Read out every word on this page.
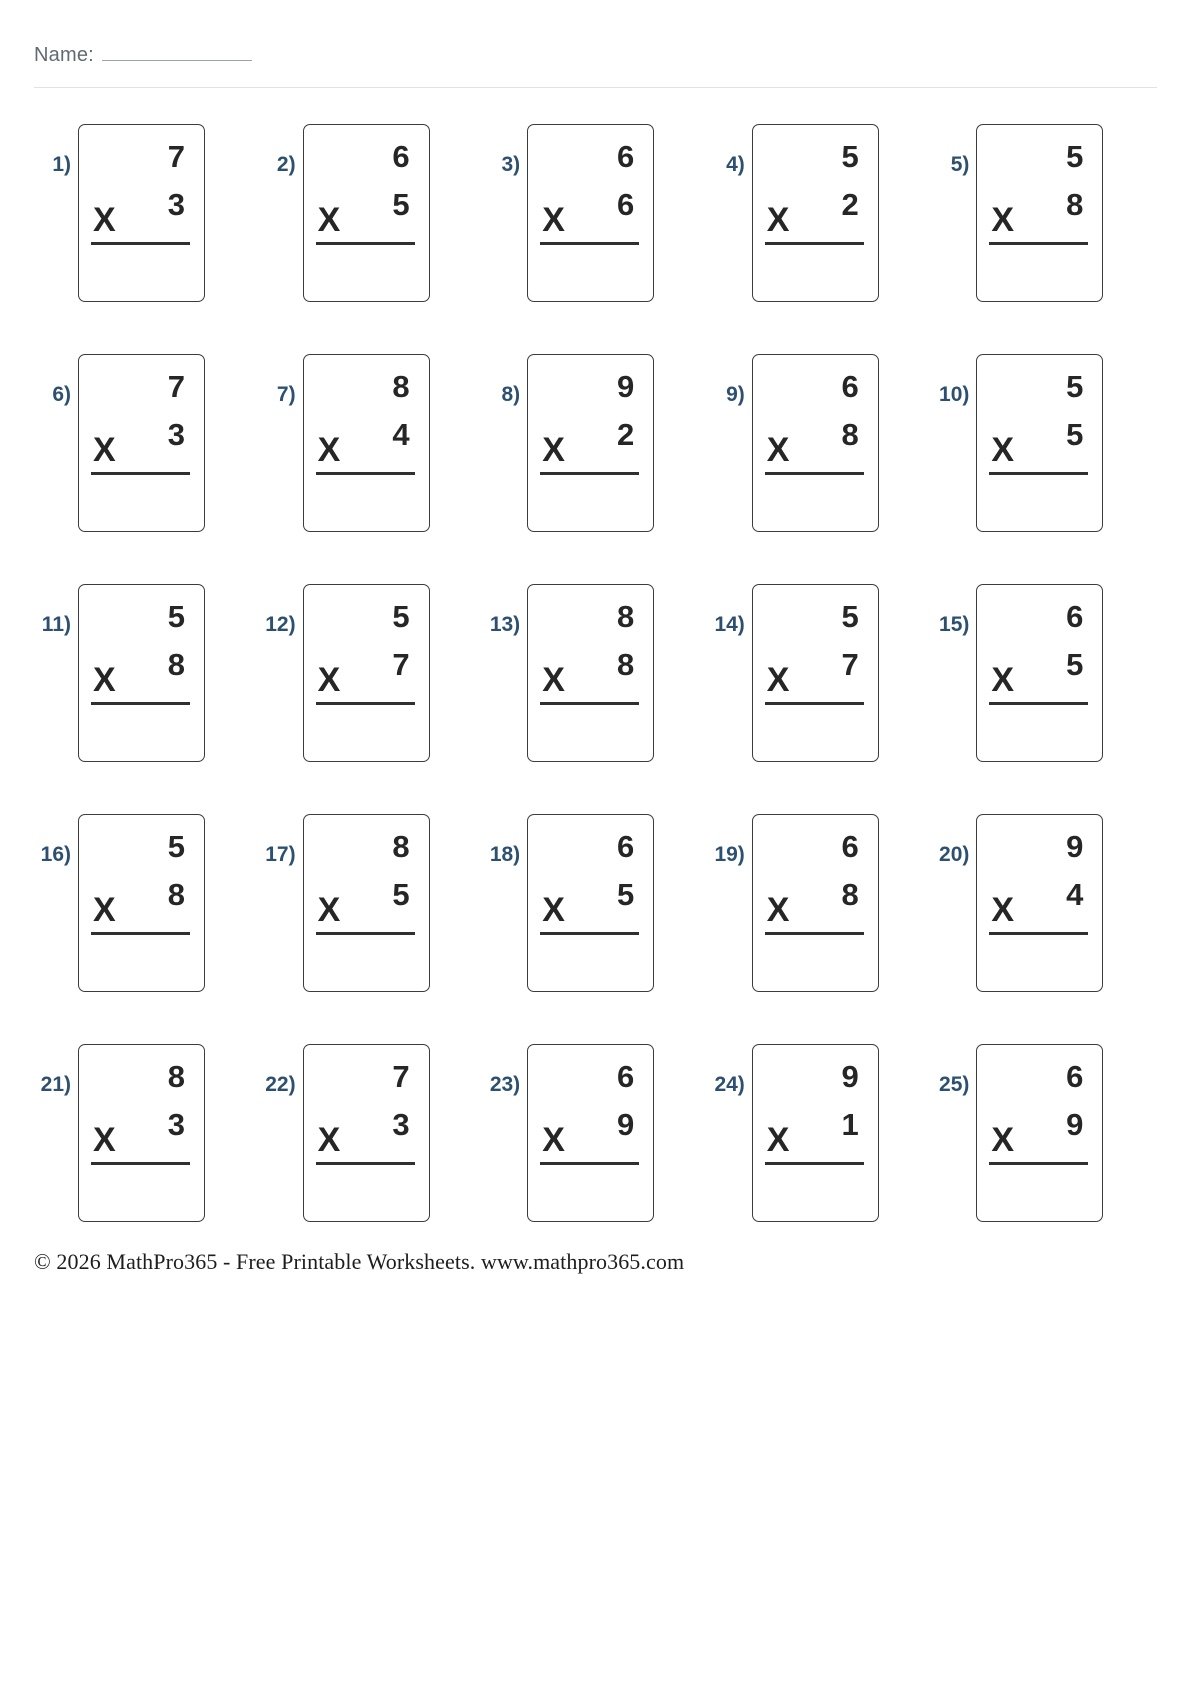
Name:
1)	7
3
X
2)	6
5
X
3)	6
6
X
4)	5
2
X
5)	5
8
X
6)	7
3
X
7)	8
4
X
8)	9
2
X
9)	6
8
X
10)	5
5
X
11)	5
8
X
12)	5
7
X
13)	8
8
X
14)	5
7
X
15)	6
5
X
16)	5
8
X
17)	8
5
X
18)	6
5
X
19)	6
8
X
20)	9
4
X
21)	8
3
X
22)	7
3
X
23)	6
9
X
24)	9
1
X
25)	6
9
X
© 2026 MathPro365 - Free Printable Worksheets. www.mathpro365.com
